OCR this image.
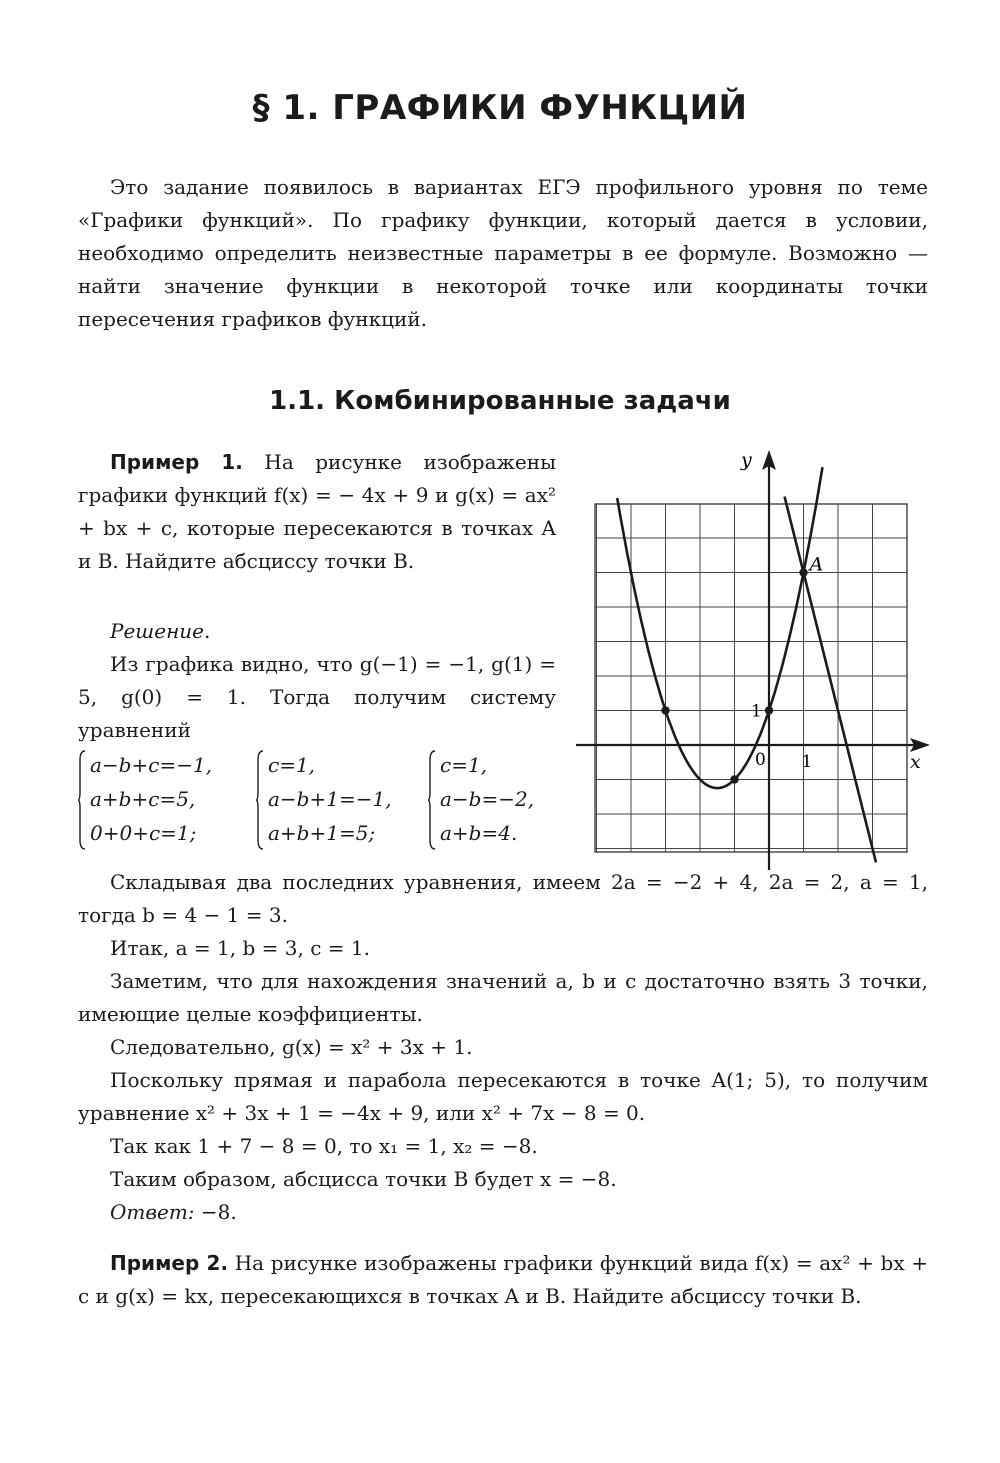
§ 1. ГРАФИКИ ФУНКЦИЙ

Это задание появилось в вариантах ЕГЭ профильного уровня по теме «Графики функций». По графику функции, который дается в условии, необходимо определить неизвестные параметры в ее формуле. Возможно — найти значение функции в некоторой точке или координаты точки пересечения графиков функций.

1.1. Комбинированные задачи

Пример 1. На рисунке изображены графики функций f(x) = − 4x + 9 и g(x) = ax² + bx + c, которые пересекаются в точках A и B. Найдите абсциссу точки B.

Решение.

Из графика видно, что g(−1) = −1, g(1) = 5, g(0) = 1. Тогда получим систему уравнений

a−b+c=−1,
a+b+c=5,
0+0+c=1;
c=1,
a−b+1=−1,
a+b+1=5;
c=1,
a−b=−2,
a+b=4.

Складывая два последних уравнения, имеем 2a = −2 + 4, 2a = 2, a = 1, тогда b = 4 − 1 = 3.

Итак, a = 1, b = 3, c = 1.

Заметим, что для нахождения значений a, b и c достаточно взять 3 точки, имеющие целые коэффициенты.

Следовательно, g(x) = x² + 3x + 1.

Поскольку прямая и парабола пересекаются в точке A(1; 5), то получим уравнение x² + 3x + 1 = −4x + 9, или x² + 7x − 8 = 0.

Так как 1 + 7 − 8 = 0, то x₁ = 1, x₂ = −8.

Таким образом, абсцисса точки B будет x = −8.

Ответ: −8.

Пример 2. На рисунке изображены графики функций вида f(x) = ax² + bx + c и g(x) = kx, пересекающихся в точках A и B. Найдите абсциссу точки B.

y
x
0 1
1
A
